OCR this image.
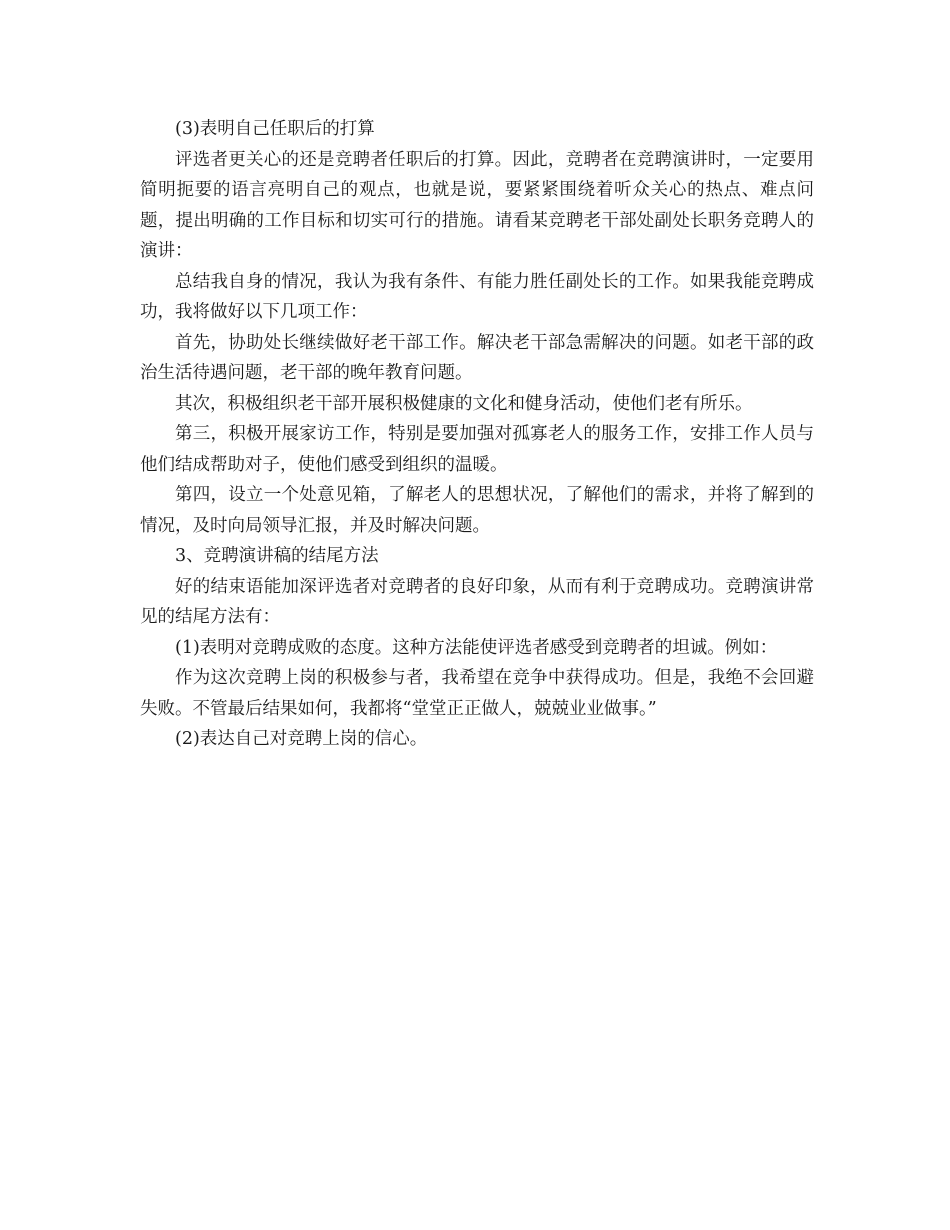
(3)表明自己任职后的打算

评选者更关心的还是竞聘者任职后的打算。因此，竞聘者在竞聘演讲时，一定要用简明扼要的语言亮明自己的观点，也就是说，要紧紧围绕着听众关心的热点、难点问题，提出明确的工作目标和切实可行的措施。请看某竞聘老干部处副处长职务竞聘人的演讲：

总结我自身的情况，我认为我有条件、有能力胜任副处长的工作。如果我能竞聘成功，我将做好以下几项工作：

首先，协助处长继续做好老干部工作。解决老干部急需解决的问题。如老干部的政治生活待遇问题，老干部的晚年教育问题。

其次，积极组织老干部开展积极健康的文化和健身活动，使他们老有所乐。

第三，积极开展家访工作，特别是要加强对孤寡老人的服务工作，安排工作人员与他们结成帮助对子，使他们感受到组织的温暖。

第四，设立一个处意见箱，了解老人的思想状况，了解他们的需求，并将了解到的情况，及时向局领导汇报，并及时解决问题。

3、竞聘演讲稿的结尾方法

好的结束语能加深评选者对竞聘者的良好印象，从而有利于竞聘成功。竞聘演讲常见的结尾方法有：

(1)表明对竞聘成败的态度。这种方法能使评选者感受到竞聘者的坦诚。例如：

作为这次竞聘上岗的积极参与者，我希望在竞争中获得成功。但是，我绝不会回避失败。不管最后结果如何，我都将“堂堂正正做人，兢兢业业做事。”

(2)表达自己对竞聘上岗的信心。
